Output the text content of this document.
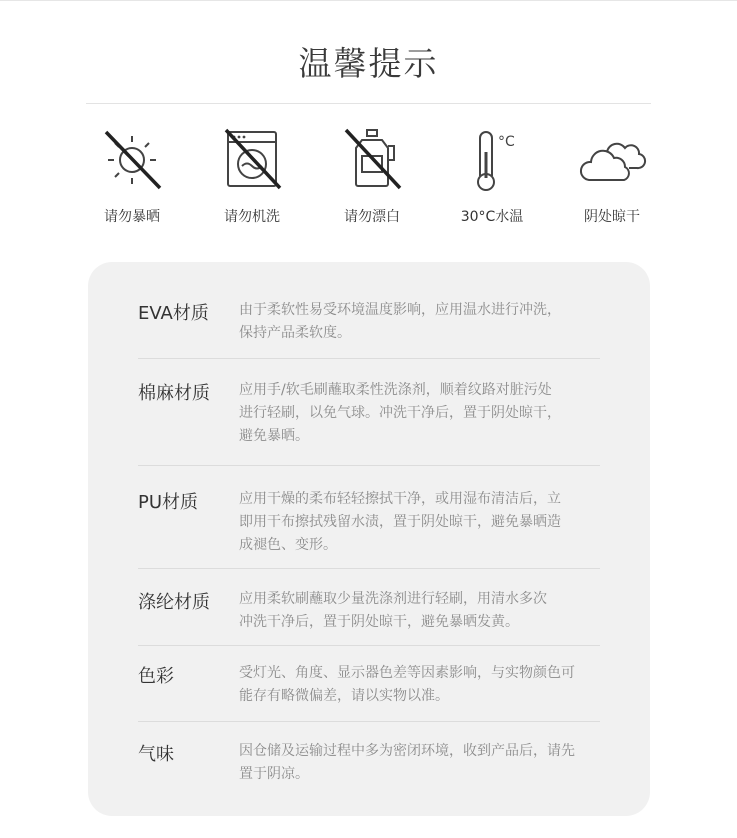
温馨提示
请勿暴晒	请勿机洗	请勿漂白
°C
30°C水温	阴处晾干
EVA材质 由于柔软性易受环境温度影响，应用温水进行冲洗，
保持产品柔软度。
棉麻材质 应用手/软毛刷蘸取柔性洗涤剂，顺着纹路对脏污处
进行轻刷，以免气球。冲洗干净后，置于阴处晾干，
避免暴晒。
PU材质	应用干燥的柔布轻轻擦拭干净，或用湿布清洁后，立
即用干布擦拭残留水渍，置于阴处晾干，避免暴晒造
成褪色、变形。
涤纶材质 应用柔软刷蘸取少量洗涤剂进行轻刷，用清水多次
冲洗干净后，置于阴处晾干，避免暴晒发黄。
色彩	受灯光、角度、显示器色差等因素影响，与实物颜色可
能存有略微偏差，请以实物以准。
气味	因仓储及运输过程中多为密闭环境，收到产品后，请先
置于阴凉。
